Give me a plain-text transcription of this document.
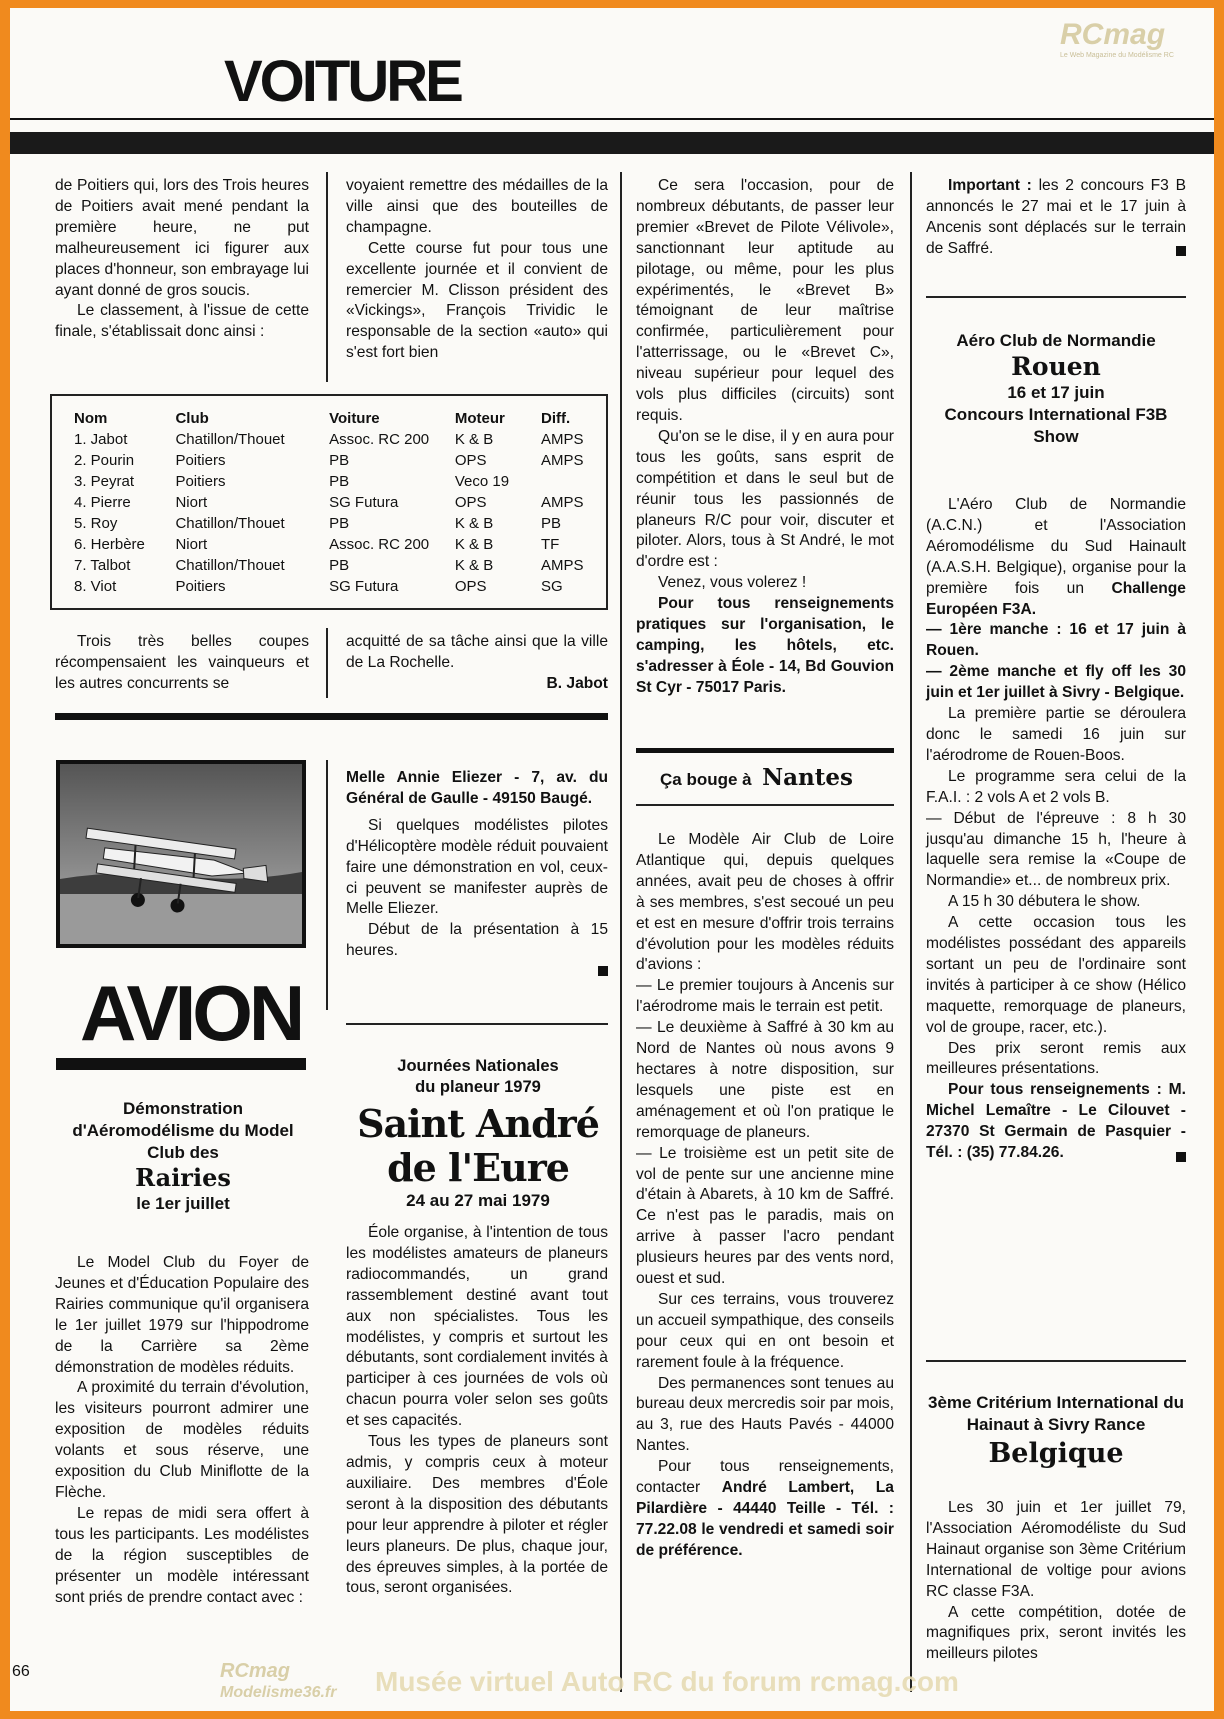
VOITURE
RCmag
Le Web Magazine du Modélisme RC

de Poitiers qui, lors des Trois heures de Poitiers avait mené pendant la première heure, ne put malheureusement ici figurer aux places d'honneur, son embrayage lui ayant donné de gros soucis.

Le classement, à l'issue de cette finale, s'établissait donc ainsi :

voyaient remettre des médailles de la ville ainsi que des bouteilles de champagne.

Cette course fut pour tous une excellente journée et il convient de remercier M. Clisson président des «Vickings», François Trividic le responsable de la section «auto» qui s'est fort bien

Nom	Club	Voiture	Moteur	Diff.
1. Jabot	Chatillon/Thouet	Assoc. RC 200	K & B	AMPS
2. Pourin	Poitiers	PB	OPS	AMPS
3. Peyrat	Poitiers	PB	Veco 19	
4. Pierre	Niort	SG Futura	OPS	AMPS
5. Roy	Chatillon/Thouet	PB	K & B	PB
6. Herbère	Niort	Assoc. RC 200	K & B	TF
7. Talbot	Chatillon/Thouet	PB	K & B	AMPS
8. Viot	Poitiers	SG Futura	OPS	SG

Trois très belles coupes récompensaient les vainqueurs et les autres concurrents se

acquitté de sa tâche ainsi que la ville de La Rochelle.

B. Jabot

AVION
Démonstration d'Aéromodélisme du Model Club des
Rairies
le 1er juillet

Le Model Club du Foyer de Jeunes et d'Éducation Populaire des Rairies communique qu'il organisera le 1er juillet 1979 sur l'hippodrome de la Carrière sa 2ème démonstration de modèles réduits.

A proximité du terrain d'évolution, les visiteurs pourront admirer une exposition de modèles réduits volants et sous réserve, une exposition du Club Miniflotte de la Flèche.

Le repas de midi sera offert à tous les participants. Les modélistes de la région susceptibles de présenter un modèle intéressant sont priés de prendre contact avec :

66

Melle Annie Eliezer - 7, av. du Général de Gaulle - 49150 Baugé.

Si quelques modélistes pilotes d'Hélicoptère modèle réduit pouvaient faire une démonstration en vol, ceux-ci peuvent se manifester auprès de Melle Eliezer.

Début de la présentation à 15 heures.

Journées Nationales du planeur 1979
Saint André de l'Eure
24 au 27 mai 1979

Éole organise, à l'intention de tous les modélistes amateurs de planeurs radiocommandés, un grand rassemblement destiné avant tout aux non spécialistes. Tous les modélistes, y compris et surtout les débutants, sont cordialement invités à participer à ces journées de vols où chacun pourra voler selon ses goûts et ses capacités.

Tous les types de planeurs sont admis, y compris ceux à moteur auxiliaire. Des membres d'Éole seront à la disposition des débutants pour leur apprendre à piloter et régler leurs planeurs. De plus, chaque jour, des épreuves simples, à la portée de tous, seront organisées.

Ce sera l'occasion, pour de nombreux débutants, de passer leur premier «Brevet de Pilote Vélivole», sanctionnant leur aptitude au pilotage, ou même, pour les plus expérimentés, le «Brevet B» témoignant de leur maîtrise confirmée, particulièrement pour l'atterrissage, ou le «Brevet C», niveau supérieur pour lequel des vols plus difficiles (circuits) sont requis.

Qu'on se le dise, il y en aura pour tous les goûts, sans esprit de compétition et dans le seul but de réunir tous les passionnés de planeurs R/C pour voir, discuter et piloter. Alors, tous à St André, le mot d'ordre est :

Venez, vous volerez !

Pour tous renseignements pratiques sur l'organisation, le camping, les hôtels, etc. s'adresser à Éole - 14, Bd Gouvion St Cyr - 75017 Paris.

Ça bouge à Nantes

Le Modèle Air Club de Loire Atlantique qui, depuis quelques années, avait peu de choses à offrir à ses membres, s'est secoué un peu et est en mesure d'offrir trois terrains d'évolution pour les modèles réduits d'avions :

— Le premier toujours à Ancenis sur l'aérodrome mais le terrain est petit.

— Le deuxième à Saffré à 30 km au Nord de Nantes où nous avons 9 hectares à notre disposition, sur lesquels une piste est en aménagement et où l'on pratique le remorquage de planeurs.

— Le troisième est un petit site de vol de pente sur une ancienne mine d'étain à Abarets, à 10 km de Saffré. Ce n'est pas le paradis, mais on arrive à passer l'acro pendant plusieurs heures par des vents nord, ouest et sud.

Sur ces terrains, vous trouverez un accueil sympathique, des conseils pour ceux qui en ont besoin et rarement foule à la fréquence.

Des permanences sont tenues au bureau deux mercredis soir par mois, au 3, rue des Hauts Pavés - 44000 Nantes.

Pour tous renseignements, contacter André Lambert, La Pilardière - 44440 Teille - Tél. : 77.22.08 le vendredi et samedi soir de préférence.

Important : les 2 concours F3 B annoncés le 27 mai et le 17 juin à Ancenis sont déplacés sur le terrain de Saffré.

Aéro Club de Normandie
Rouen
16 et 17 juin
Concours International F3B Show

L'Aéro Club de Normandie (A.C.N.) et l'Association Aéromodélisme du Sud Hainault (A.A.S.H. Belgique), organise pour la première fois un Challenge Européen F3A.

— 1ère manche : 16 et 17 juin à Rouen.

— 2ème manche et fly off les 30 juin et 1er juillet à Sivry - Belgique.

La première partie se déroulera donc le samedi 16 juin sur l'aérodrome de Rouen-Boos.

Le programme sera celui de la F.A.I. : 2 vols A et 2 vols B.

— Début de l'épreuve : 8 h 30 jusqu'au dimanche 15 h, l'heure à laquelle sera remise la «Coupe de Normandie» et... de nombreux prix.

A 15 h 30 débutera le show.

A cette occasion tous les modélistes possédant des appareils sortant un peu de l'ordinaire sont invités à participer à ce show (Hélico maquette, remorquage de planeurs, vol de groupe, racer, etc.).

Des prix seront remis aux meilleures présentations.

Pour tous renseignements : M. Michel Lemaître - Le Cilouvet - 27370 St Germain de Pasquier - Tél. : (35) 77.84.26.

3ème Critérium International du Hainaut à Sivry Rance
Belgique

Les 30 juin et 1er juillet 79, l'Association Aéromodéliste du Sud Hainaut organise son 3ème Critérium International de voltige pour avions RC classe F3A.

A cette compétition, dotée de magnifiques prix, seront invités les meilleurs pilotes

Musée virtuel Auto RC du forum rcmag.com
RCmag
Modelisme36.fr
